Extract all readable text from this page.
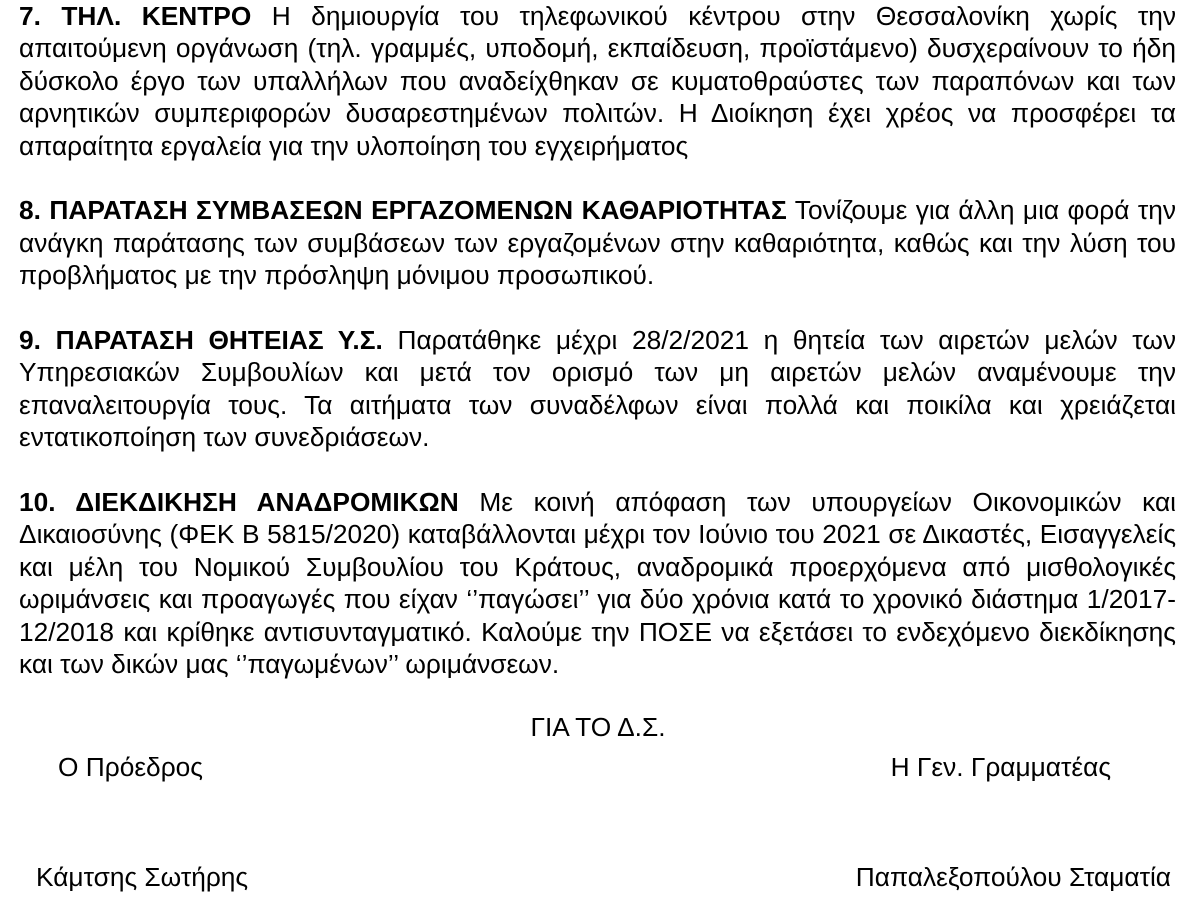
7. ΤΗΛ. ΚΕΝΤΡΟ Η δημιουργία του τηλεφωνικού κέντρου στην Θεσσαλονίκη χωρίς την απαιτούμενη οργάνωση (τηλ. γραμμές, υποδομή, εκπαίδευση, προϊστάμενο) δυσχεραίνουν το ήδη δύσκολο έργο των υπαλλήλων που αναδείχθηκαν σε κυματοθραύστες των παραπόνων και των αρνητικών συμπεριφορών δυσαρεστημένων πολιτών. Η Διοίκηση έχει χρέος να προσφέρει τα απαραίτητα εργαλεία για την υλοποίηση του εγχειρήματος

8. ΠΑΡΑΤΑΣΗ ΣΥΜΒΑΣΕΩΝ ΕΡΓΑΖΟΜΕΝΩΝ ΚΑΘΑΡΙΟΤΗΤΑΣ Τονίζουμε για άλλη μια φορά την ανάγκη παράτασης των συμβάσεων των εργαζομένων στην καθαριότητα, καθώς και την λύση του προβλήματος με την πρόσληψη μόνιμου προσωπικού.

9. ΠΑΡΑΤΑΣΗ ΘΗΤΕΙΑΣ Υ.Σ. Παρατάθηκε μέχρι 28/2/2021 η θητεία των αιρετών μελών των Υπηρεσιακών Συμβουλίων και μετά τον ορισμό των μη αιρετών μελών αναμένουμε την επαναλειτουργία τους. Τα αιτήματα των συναδέλφων είναι πολλά και ποικίλα και χρειάζεται εντατικοποίηση των συνεδριάσεων.

10. ΔΙΕΚΔΙΚΗΣΗ ΑΝΑΔΡΟΜΙΚΩΝ Με κοινή απόφαση των υπουργείων Οικονομικών και Δικαιοσύνης (ΦΕΚ Β 5815/2020) καταβάλλονται μέχρι τον Ιούνιο του 2021 σε Δικαστές, Εισαγγελείς και μέλη του Νομικού Συμβουλίου του Κράτους, αναδρομικά προερχόμενα από μισθολογικές ωριμάνσεις και προαγωγές που είχαν ‘’παγώσει’’ για δύο χρόνια κατά το χρονικό διάστημα 1/2017-12/2018 και κρίθηκε αντισυνταγματικό. Καλούμε την ΠΟΣΕ να εξετάσει το ενδεχόμενο διεκδίκησης και των δικών μας ‘’παγωμένων’’ ωριμάνσεων.

ΓΙΑ ΤΟ Δ.Σ.
Ο Πρόεδρος	Η Γεν. Γραμματέας
Κάμτσης Σωτήρης	Παπαλεξοπούλου Σταματία
